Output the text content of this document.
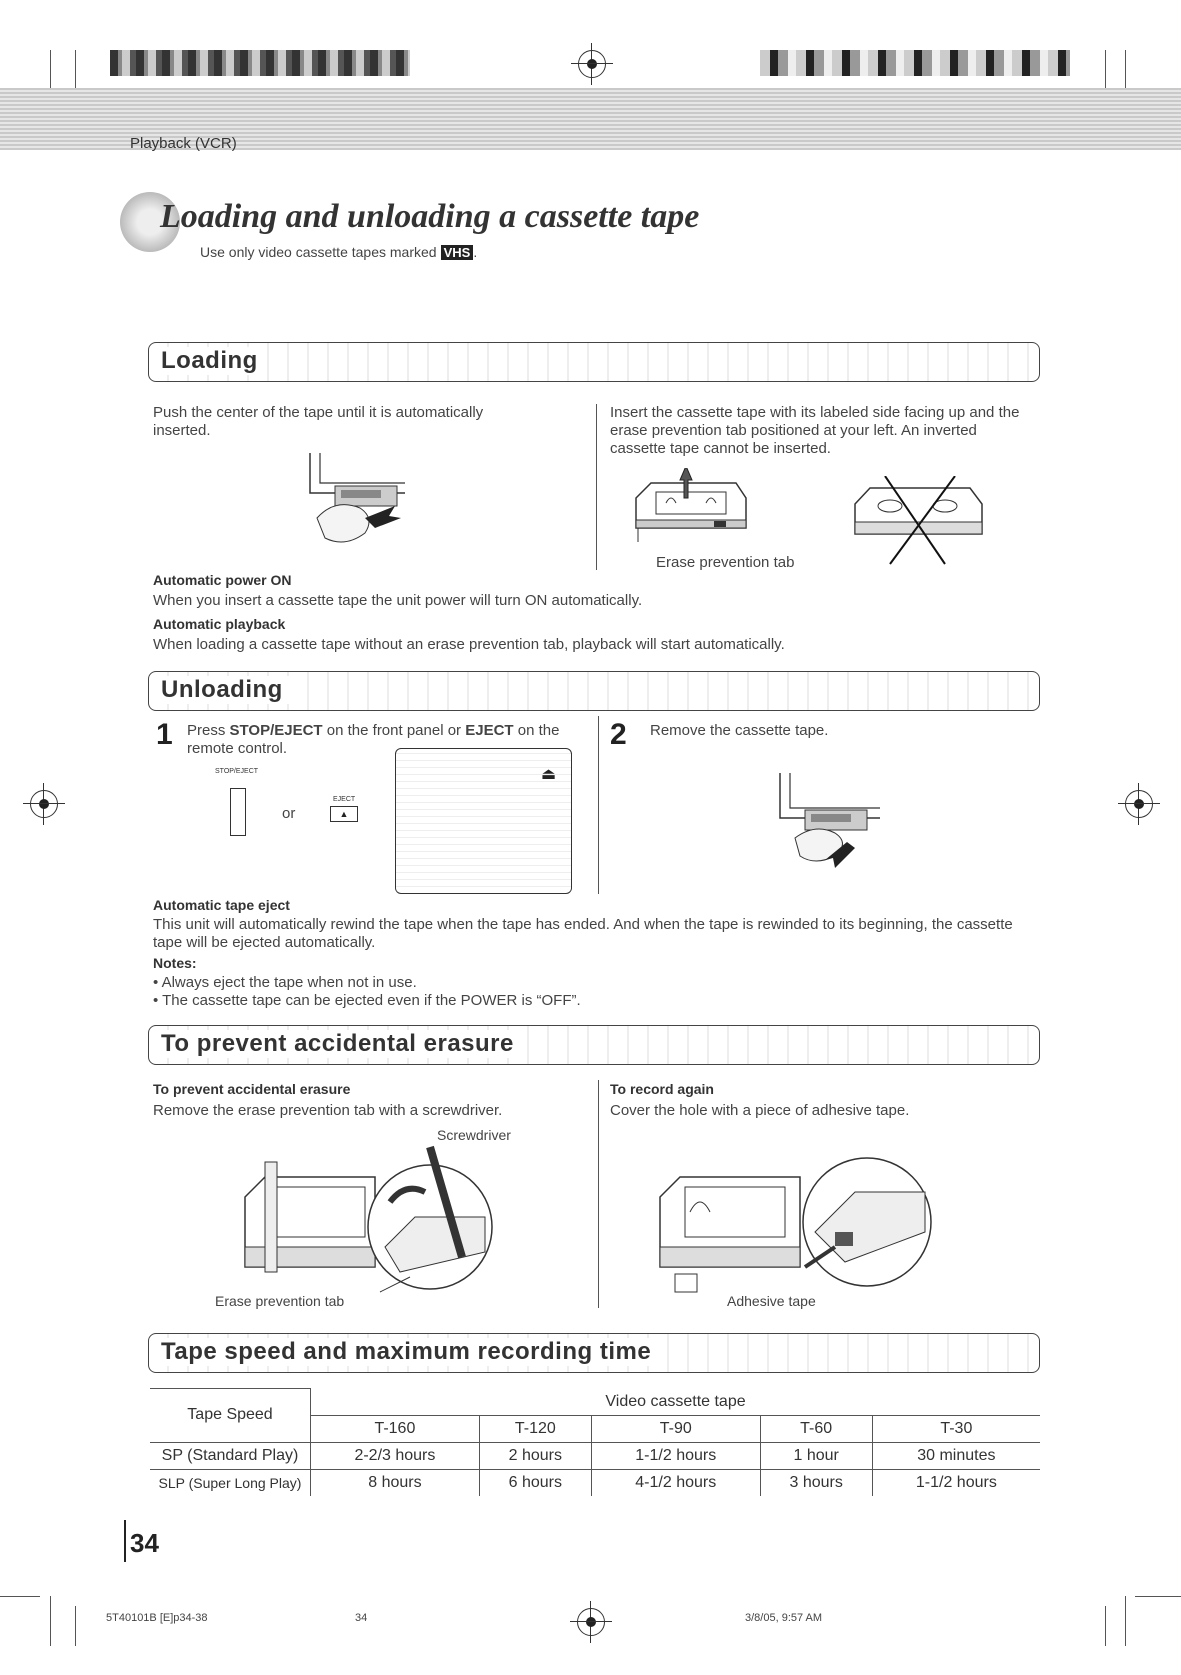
Playback (VCR)
Loading and unloading a cassette tape
Use only video cassette tapes marked VHS .
Loading
Push the center of the tape until it is automatically inserted.
Insert the cassette tape with its labeled side facing up and the erase prevention tab positioned at your left. An inverted cassette tape cannot be inserted.
Erase prevention tab
Automatic power ON
When you insert a cassette tape the unit power will turn ON automatically.
Automatic playback
When loading a cassette tape without an erase prevention tab, playback will start automatically.
Unloading
1 Press STOP/EJECT on the front panel or EJECT on the remote control.
STOP/EJECT
or
EJECT
▲
⏏
2 Remove the cassette tape.
Automatic tape eject
This unit will automatically rewind the tape when the tape has ended. And when the tape is rewinded to its beginning, the cassette tape will be ejected automatically.
Notes:
• Always eject the tape when not in use.
• The cassette tape can be ejected even if the POWER is “OFF”.
To prevent accidental erasure
To prevent accidental erasure
Remove the erase prevention tab with a screwdriver.
Screwdriver
Erase prevention tab
To record again
Cover the hole with a piece of adhesive tape.
Adhesive tape
Tape speed and maximum recording time
Tape Speed	Video cassette tape				
	T-160	T-120	T-90	T-60	T-30
SP (Standard Play)	2-2/3 hours	2 hours	1-1/2 hours	1 hour	30 minutes
SLP (Super Long Play)	8 hours	6 hours	4-1/2 hours	3 hours	1-1/2 hours
34
5T40101B [E]p34-38	34	3/8/05, 9:57 AM
